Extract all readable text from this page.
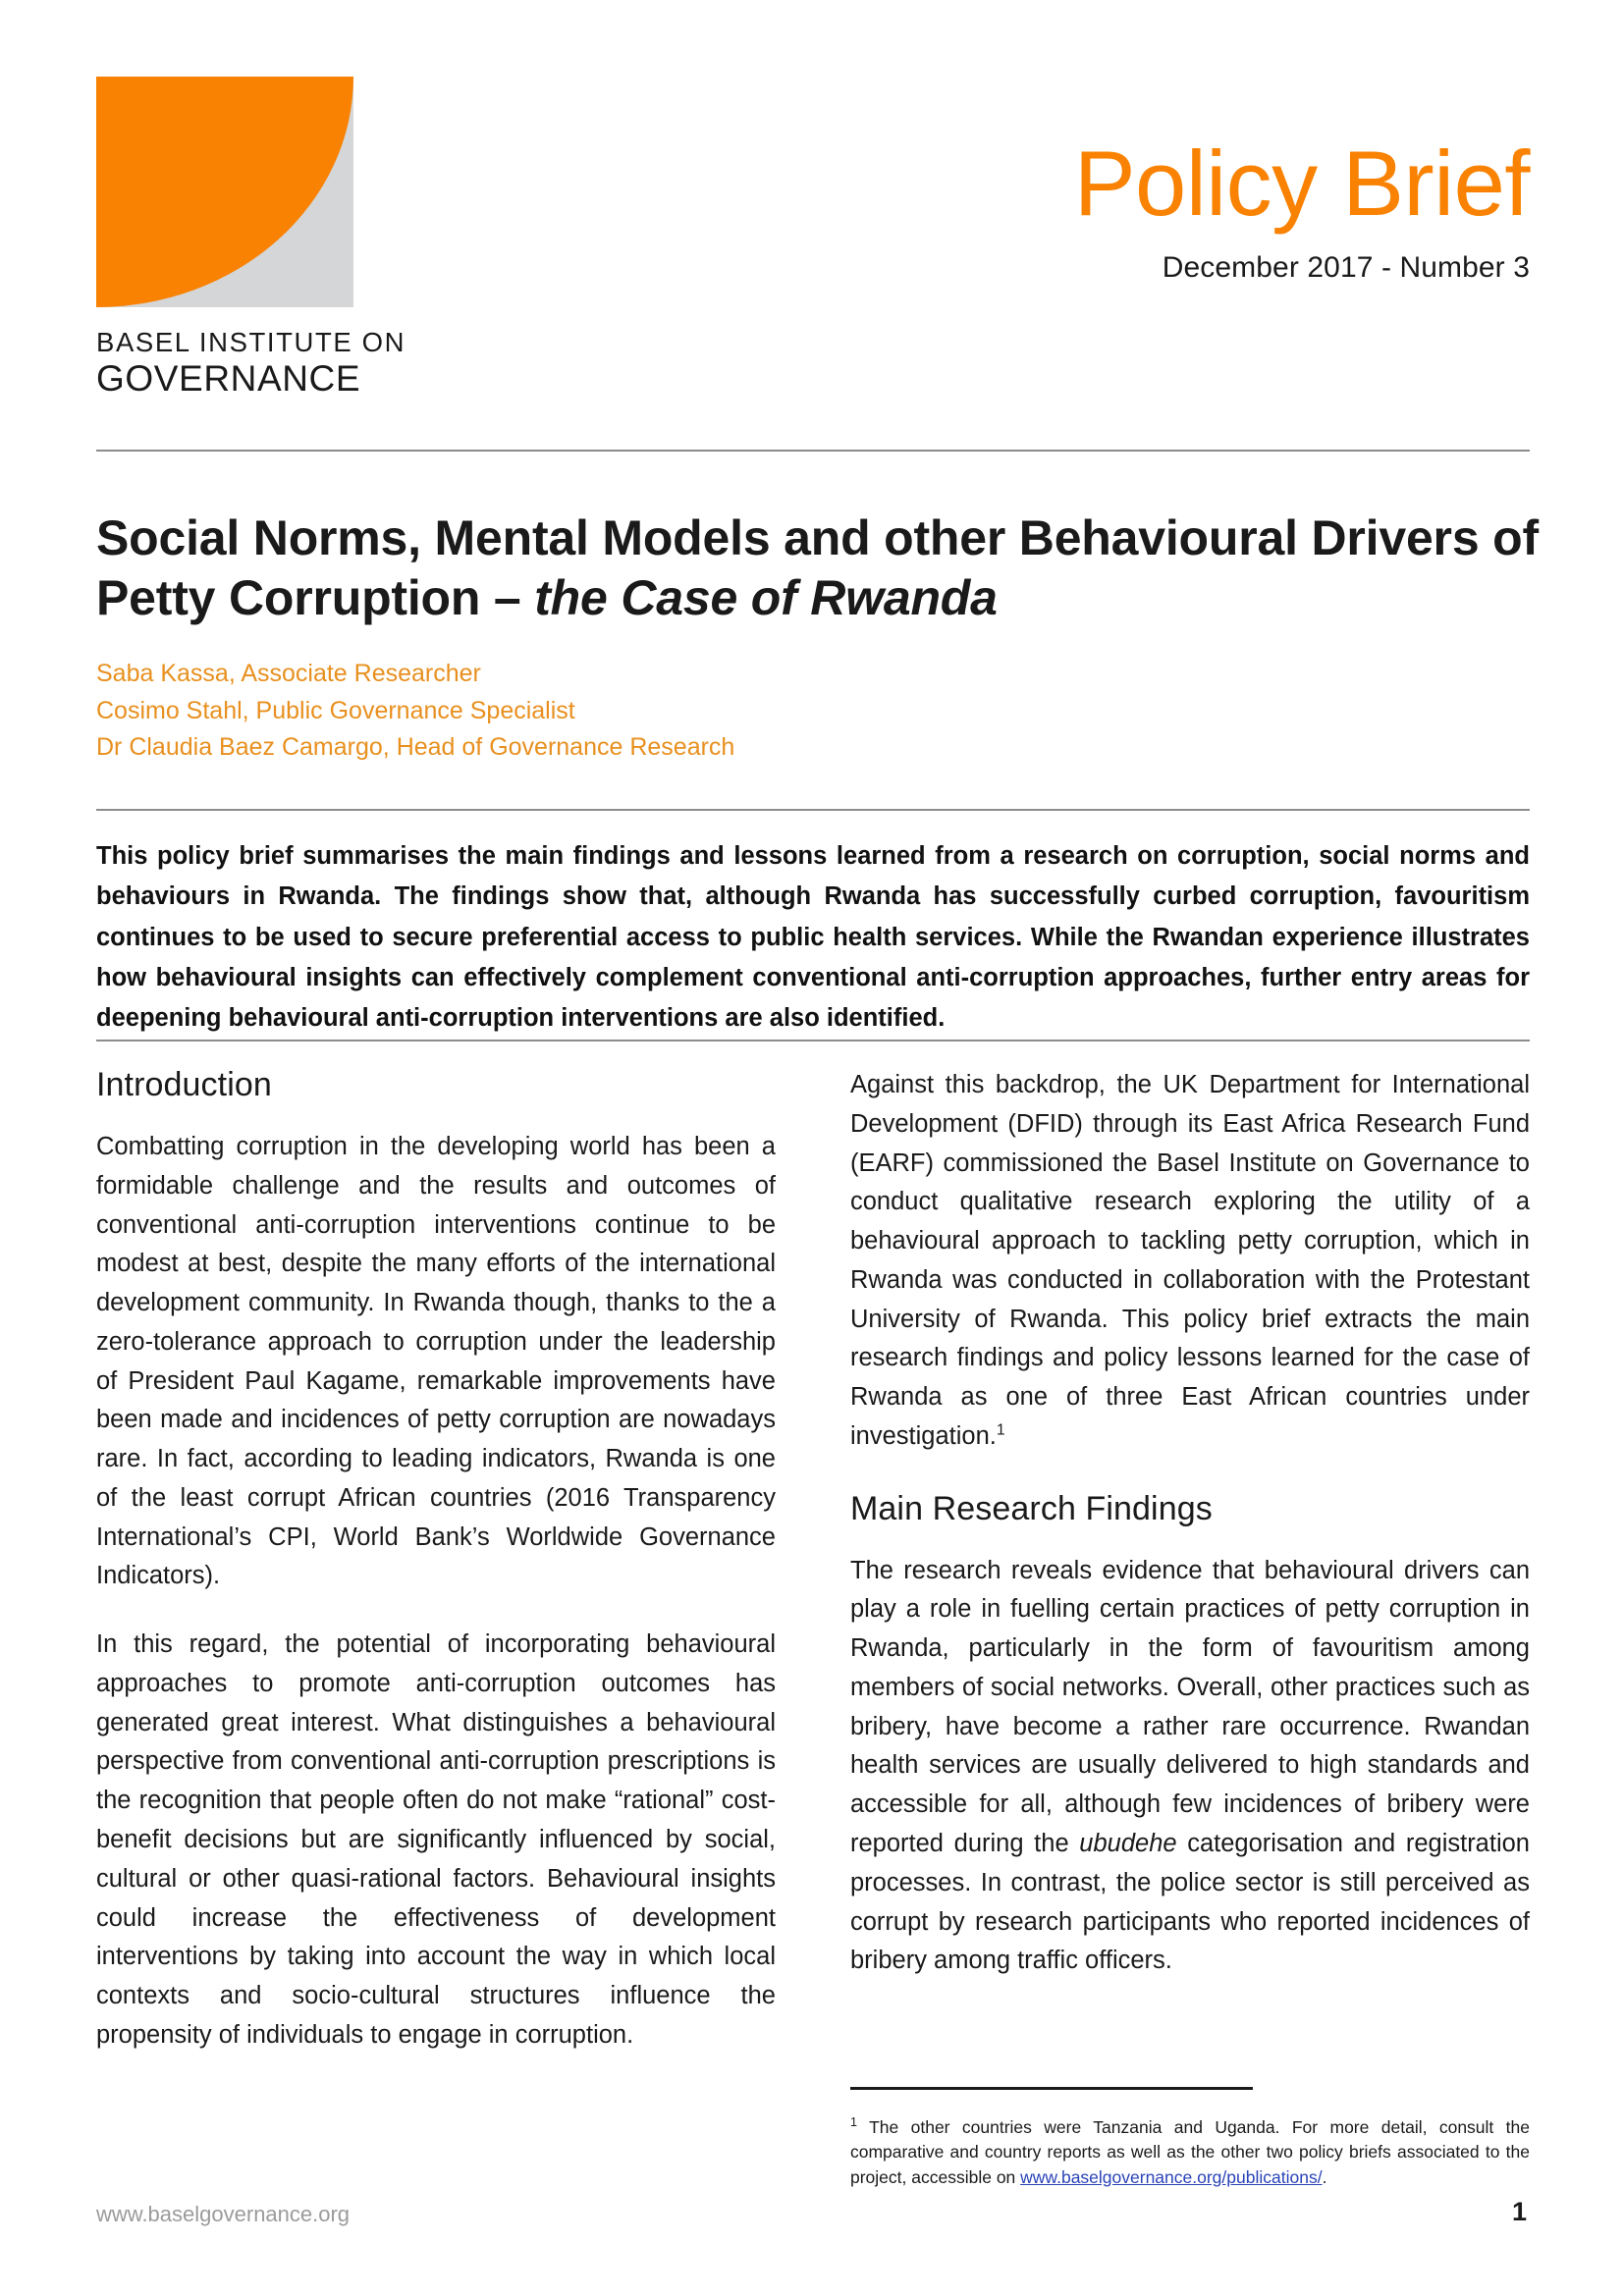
BASEL INSTITUTE ON
GOVERNANCE
Policy Brief
December 2017 - Number 3
Social Norms, Mental Models and other Behavioural Drivers of Petty Corruption – the Case of Rwanda
Saba Kassa, Associate Researcher
Cosimo Stahl, Public Governance Specialist
Dr Claudia Baez Camargo, Head of Governance Research
This policy brief summarises the main findings and lessons learned from a research on corruption, social norms and behaviours in Rwanda. The findings show that, although Rwanda has successfully curbed corruption, favouritism continues to be used to secure preferential access to public health services. While the Rwandan experience illustrates how behavioural insights can effectively complement conventional anti-corruption approaches, further entry areas for deepening behavioural anti-corruption interventions are also identified.
Introduction

Combatting corruption in the developing world has been a formidable challenge and the results and outcomes of conventional anti-corruption interventions continue to be modest at best, despite the many efforts of the international development community. In Rwanda though, thanks to the a zero-tolerance approach to corruption under the leadership of President Paul Kagame, remarkable improvements have been made and incidences of petty corruption are nowadays rare. In fact, according to leading indicators, Rwanda is one of the least corrupt African countries (2016 Transparency International’s CPI, World Bank’s Worldwide Governance Indicators).

In this regard, the potential of incorporating behavioural approaches to promote anti-corruption outcomes has generated great interest. What distinguishes a behavioural perspective from conventional anti-corruption prescriptions is the recognition that people often do not make “rational” cost-benefit decisions but are significantly influenced by social, cultural or other quasi-rational factors. Behavioural insights could increase the effectiveness of development interventions by taking into account the way in which local contexts and socio-cultural structures influence the propensity of individuals to engage in corruption.

Against this backdrop, the UK Department for International Development (DFID) through its East Africa Research Fund (EARF) commissioned the Basel Institute on Governance to conduct qualitative research exploring the utility of a behavioural approach to tackling petty corruption, which in Rwanda was conducted in collaboration with the Protestant University of Rwanda. This policy brief extracts the main research findings and policy lessons learned for the case of Rwanda as one of three East African countries under investigation.$^1$

Main Research Findings

The research reveals evidence that behavioural drivers can play a role in fuelling certain practices of petty corruption in Rwanda, particularly in the form of favouritism among members of social networks. Overall, other practices such as bribery, have become a rather rare occurrence. Rwandan health services are usually delivered to high standards and accessible for all, although few incidences of bribery were reported during the ubudehe categorisation and registration processes. In contrast, the police sector is still perceived as corrupt by research participants who reported incidences of bribery among traffic officers.

$^1$ The other countries were Tanzania and Uganda. For more detail, consult the comparative and country reports as well as the other two policy briefs associated to the project, accessible on www.baselgovernance.org/publications/.
www.baselgovernance.org	1
